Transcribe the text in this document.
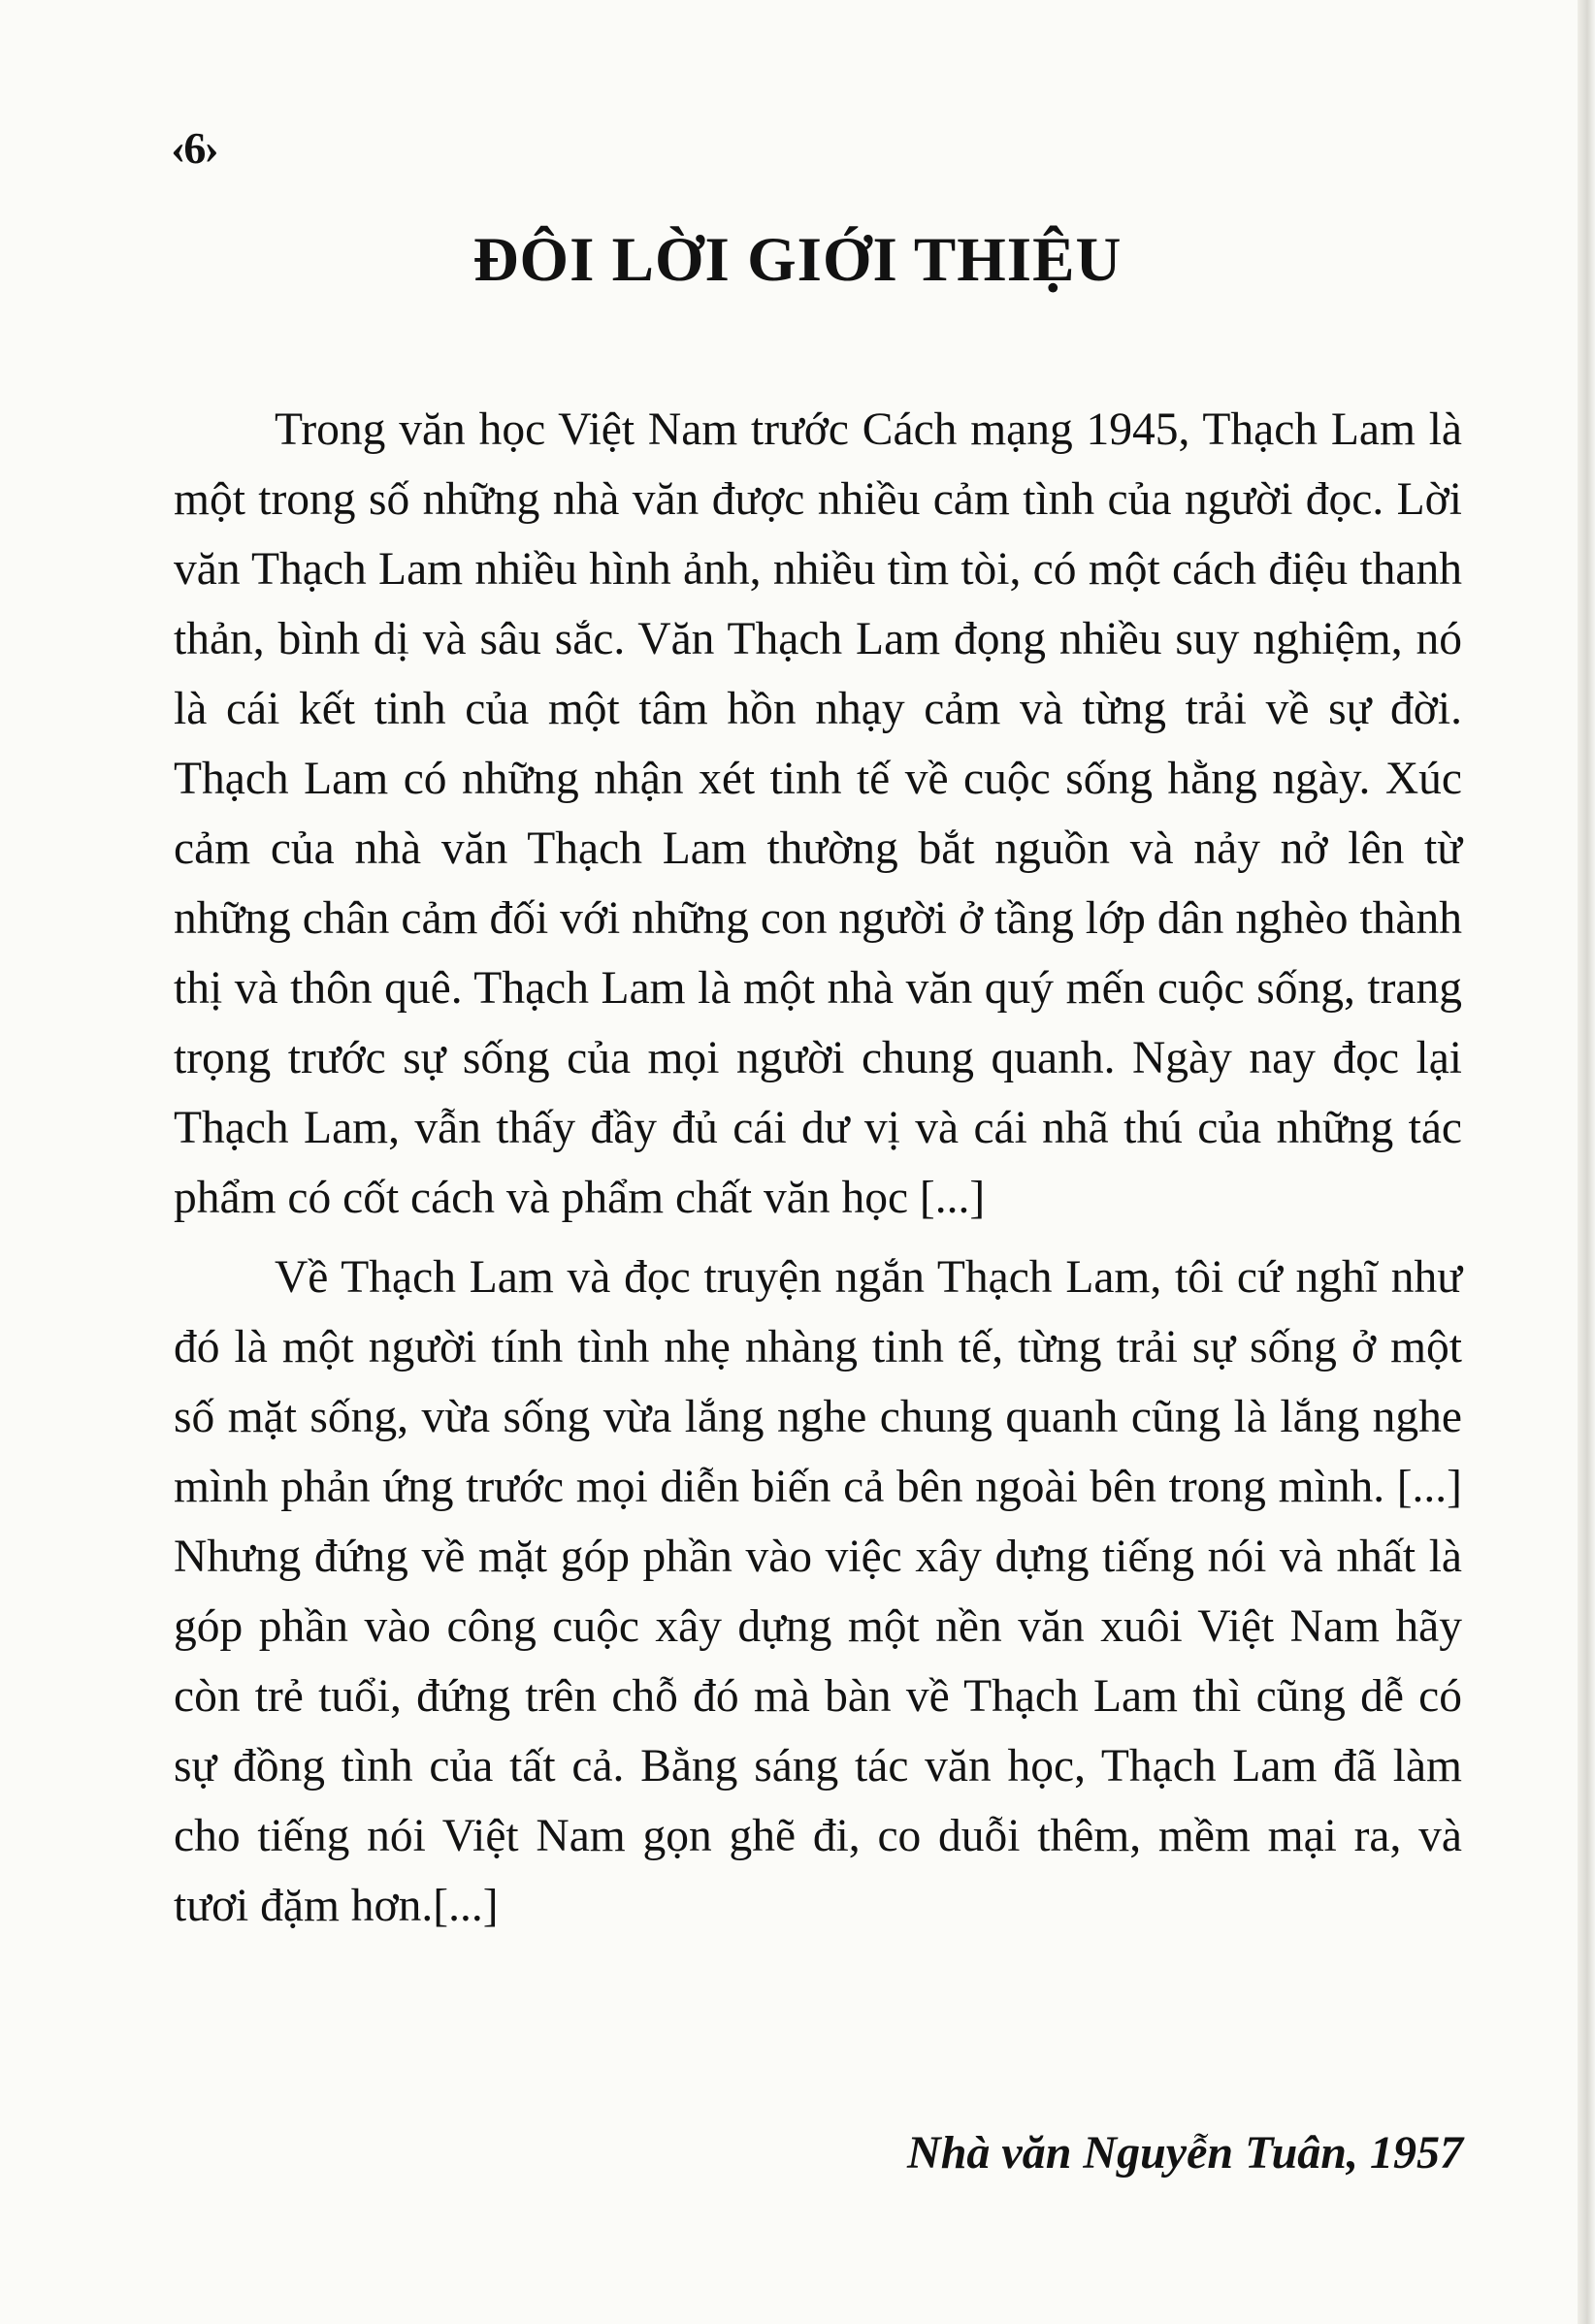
‹6›
ĐÔI LỜI GIỚI THIỆU

Trong văn học Việt Nam trước Cách mạng 1945, Thạch Lam là một trong số những nhà văn được nhiều cảm tình của người đọc. Lời văn Thạch Lam nhiều hình ảnh, nhiều tìm tòi, có một cách điệu thanh thản, bình dị và sâu sắc. Văn Thạch Lam đọng nhiều suy nghiệm, nó là cái kết tinh của một tâm hồn nhạy cảm và từng trải về sự đời. Thạch Lam có những nhận xét tinh tế về cuộc sống hằng ngày. Xúc cảm của nhà văn Thạch Lam thường bắt nguồn và nảy nở lên từ những chân cảm đối với những con người ở tầng lớp dân nghèo thành thị và thôn quê. Thạch Lam là một nhà văn quý mến cuộc sống, trang trọng trước sự sống của mọi người chung quanh. Ngày nay đọc lại Thạch Lam, vẫn thấy đầy đủ cái dư vị và cái nhã thú của những tác phẩm có cốt cách và phẩm chất văn học [...]

Về Thạch Lam và đọc truyện ngắn Thạch Lam, tôi cứ nghĩ như đó là một người tính tình nhẹ nhàng tinh tế, từng trải sự sống ở một số mặt sống, vừa sống vừa lắng nghe chung quanh cũng là lắng nghe mình phản ứng trước mọi diễn biến cả bên ngoài bên trong mình. [...] Nhưng đứng về mặt góp phần vào việc xây dựng tiếng nói và nhất là góp phần vào công cuộc xây dựng một nền văn xuôi Việt Nam hãy còn trẻ tuổi, đứng trên chỗ đó mà bàn về Thạch Lam thì cũng dễ có sự đồng tình của tất cả. Bằng sáng tác văn học, Thạch Lam đã làm cho tiếng nói Việt Nam gọn ghẽ đi, co duỗi thêm, mềm mại ra, và tươi đặm hơn.[...]

Nhà văn Nguyễn Tuân, 1957
